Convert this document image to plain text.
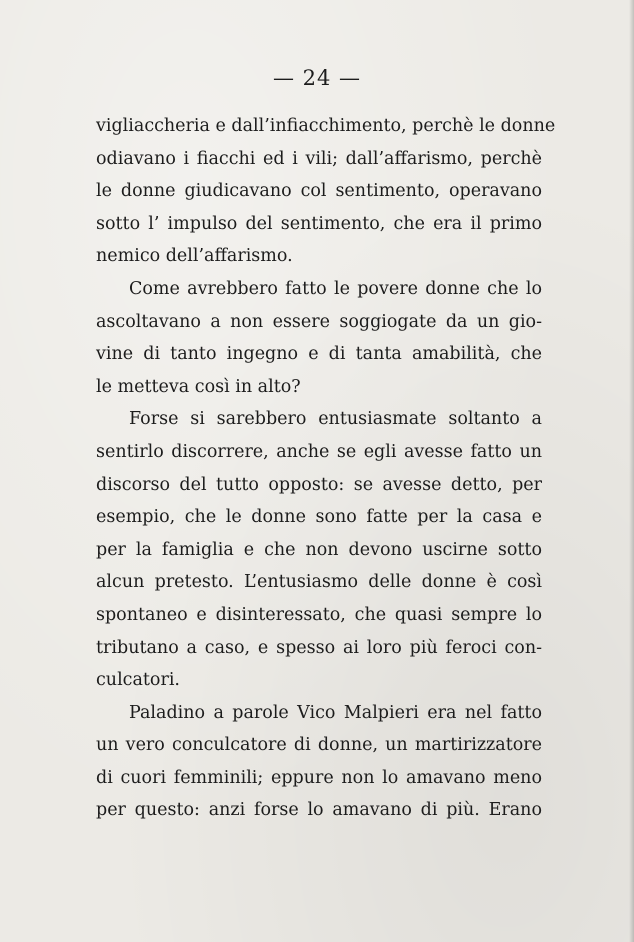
— 24 —

vigliaccheria e dall’infiacchimento, perchè le donne
odiavano i fiacchi ed i vili; dall’affarismo, perchè
le donne giudicavano col sentimento, operavano
sotto l’ impulso del sentimento, che era il primo
nemico dell’affarismo.
Come avrebbero fatto le povere donne che lo
ascoltavano a non essere soggiogate da un gio-
vine di tanto ingegno e di tanta amabilità, che
le metteva così in alto?
Forse si sarebbero entusiasmate soltanto a
sentirlo discorrere, anche se egli avesse fatto un
discorso del tutto opposto: se avesse detto, per
esempio, che le donne sono fatte per la casa e
per la famiglia e che non devono uscirne sotto
alcun pretesto. L’entusiasmo delle donne è così
spontaneo e disinteressato, che quasi sempre lo
tributano a caso, e spesso ai loro più feroci con-
culcatori.
Paladino a parole Vico Malpieri era nel fatto
un vero conculcatore di donne, un martirizzatore
di cuori femminili; eppure non lo amavano meno
per questo: anzi forse lo amavano di più. Erano
